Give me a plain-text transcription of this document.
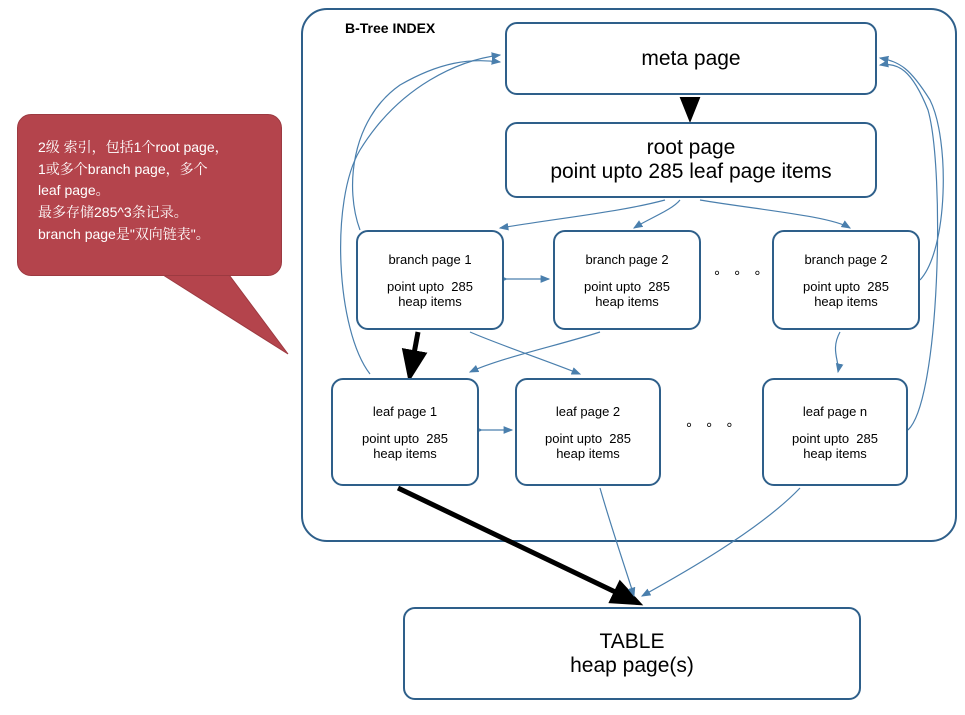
B-Tree INDEX
meta page
root page
point upto 285 leaf page items
branch page 1
point upto  285
heap items
branch page 2
point upto  285
heap items
branch page 2
point upto  285
heap items
° ° °
leaf page 1
point upto  285
heap items
leaf page 2
point upto  285
heap items
leaf page n
point upto  285
heap items
° ° °
TABLE
heap page(s)
2级 索引，包括1个root page，
1或多个branch page，多个
leaf page。
最多存储285^3条记录。
branch page是"双向链表"。
